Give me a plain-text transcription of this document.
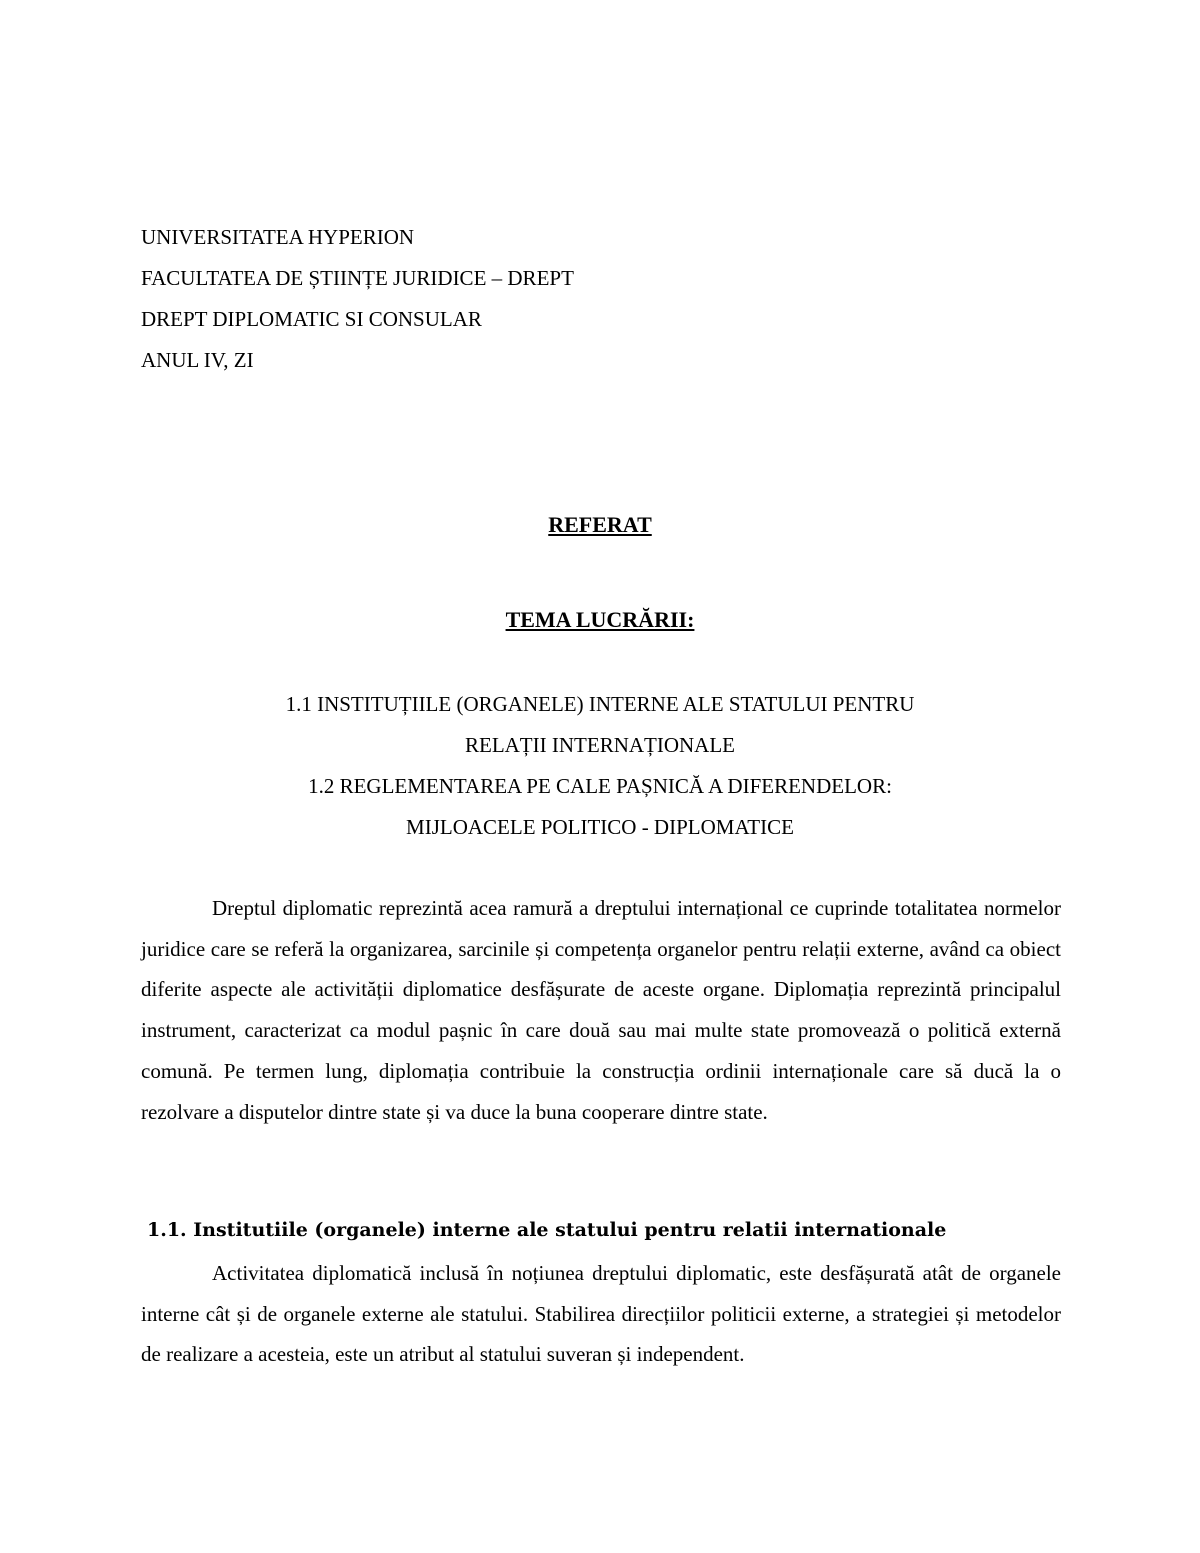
UNIVERSITATEA HYPERION
FACULTATEA DE ȘTIINȚE JURIDICE – DREPT
DREPT DIPLOMATIC SI CONSULAR
ANUL IV, ZI
REFERAT
TEMA LUCRĂRII:
1.1 INSTITUȚIILE (ORGANELE) INTERNE ALE STATULUI PENTRU
RELAȚII INTERNAȚIONALE
1.2 REGLEMENTAREA PE CALE PAȘNICĂ A DIFERENDELOR:
MIJLOACELE POLITICO - DIPLOMATICE

Dreptul diplomatic reprezintă acea ramură a dreptului internațional ce cuprinde totalitatea normelor juridice care se referă la organizarea, sarcinile și competența organelor pentru relații externe, având ca obiect diferite aspecte ale activității diplomatice desfășurate de aceste organe. Diplomația reprezintă principalul instrument, caracterizat ca modul pașnic în care două sau mai multe state promovează o politică externă comună. Pe termen lung, diplomația contribuie la construcția ordinii internaționale care să ducă la o rezolvare a disputelor dintre state și va duce la buna cooperare dintre state.

1.1. Institutiile (organele) interne ale statului pentru relatii internationale

Activitatea diplomatică inclusă în noțiunea dreptului diplomatic, este desfășurată atât de organele interne cât și de organele externe ale statului. Stabilirea direcțiilor politicii externe, a strategiei și metodelor de realizare a acesteia, este un atribut al statului suveran și independent.
